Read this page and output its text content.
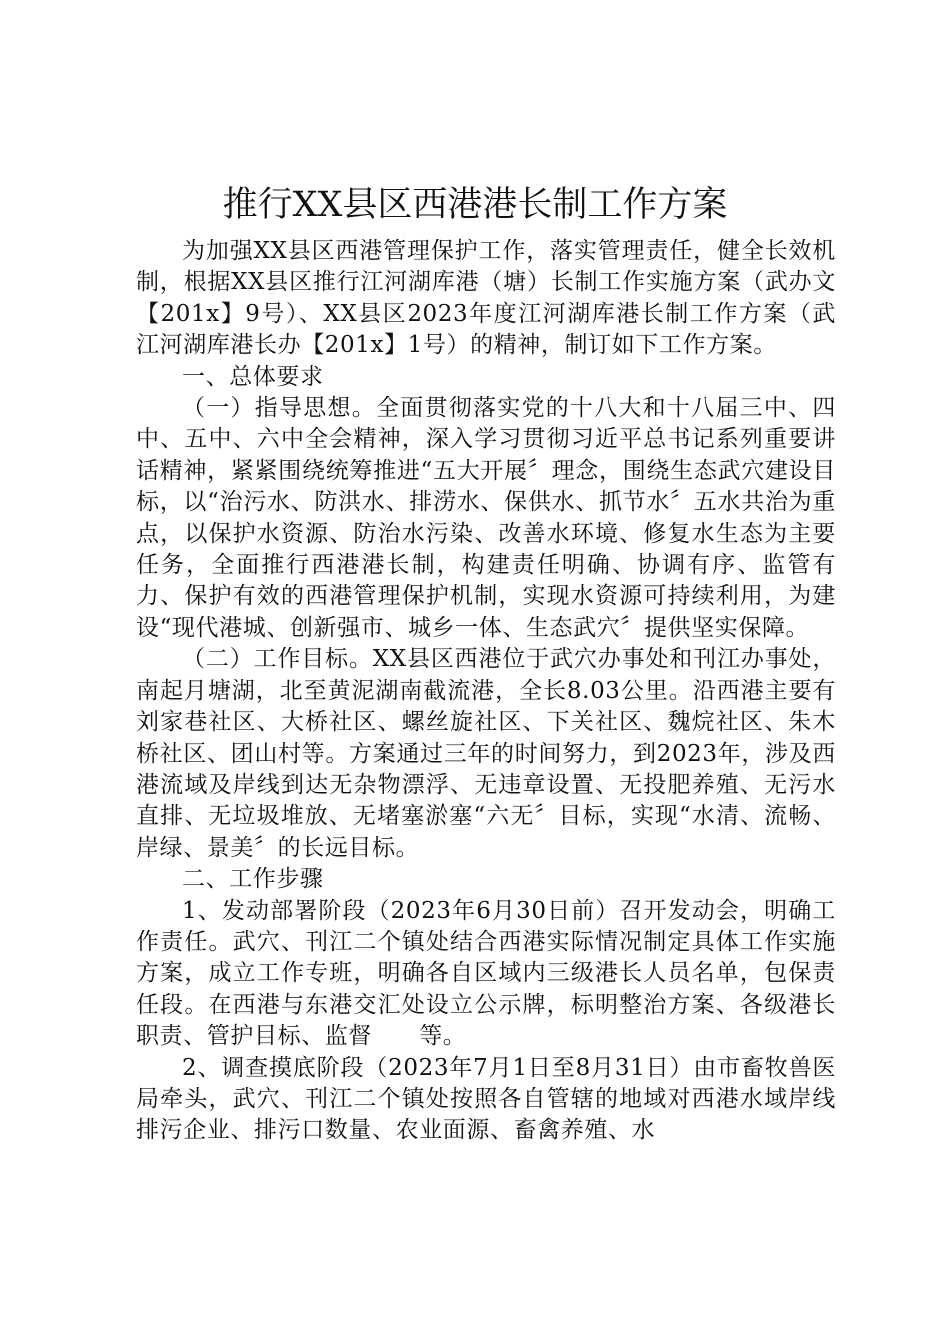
推行XX县区西港港长制工作方案

为加强XX县区西港管理保护工作，落实管理责任，健全长效机制，根据XX县区推行江河湖库港（塘）长制工作实施方案（武办文【201x】9号）、XX县区2023年度江河湖库港长制工作方案（武江河湖库港长办【201x】1号）的精神，制订如下工作方案。

一、总体要求

（一）指导思想。全面贯彻落实党的十八大和十八届三中、四中、五中、六中全会精神，深入学习贯彻习近平总书记系列重要讲话精神，紧紧围绕统筹推进“五大开展〞理念，围绕生态武穴建设目标，以“治污水、防洪水、排涝水、保供水、抓节水〞五水共治为重点，以保护水资源、防治水污染、改善水环境、修复水生态为主要任务，全面推行西港港长制，构建责任明确、协调有序、监管有力、保护有效的西港管理保护机制，实现水资源可持续利用，为建设“现代港城、创新强市、城乡一体、生态武穴〞提供坚实保障。

（二）工作目标。XX县区西港位于武穴办事处和刊江办事处，南起月塘湖，北至黄泥湖南截流港，全长8.03公里。沿西港主要有刘家巷社区、大桥社区、螺丝旋社区、下关社区、魏烷社区、朱木桥社区、团山村等。方案通过三年的时间努力，到2023年，涉及西港流域及岸线到达无杂物漂浮、无违章设置、无投肥养殖、无污水直排、无垃圾堆放、无堵塞淤塞“六无〞目标，实现“水清、流畅、岸绿、景美〞的长远目标。

二、工作步骤

1、发动部署阶段（2023年6月30日前）召开发动会，明确工作责任。武穴、刊江二个镇处结合西港实际情况制定具体工作实施方案，成立工作专班，明确各自区域内三级港长人员名单，包保责任段。在西港与东港交汇处设立公示牌，标明整治方案、各级港长职责、管护目标、监督　　等。

2、调查摸底阶段（2023年7月1日至8月31日）由市畜牧兽医局牵头，武穴、刊江二个镇处按照各自管辖的地域对西港水域岸线排污企业、排污口数量、农业面源、畜禽养殖、水
